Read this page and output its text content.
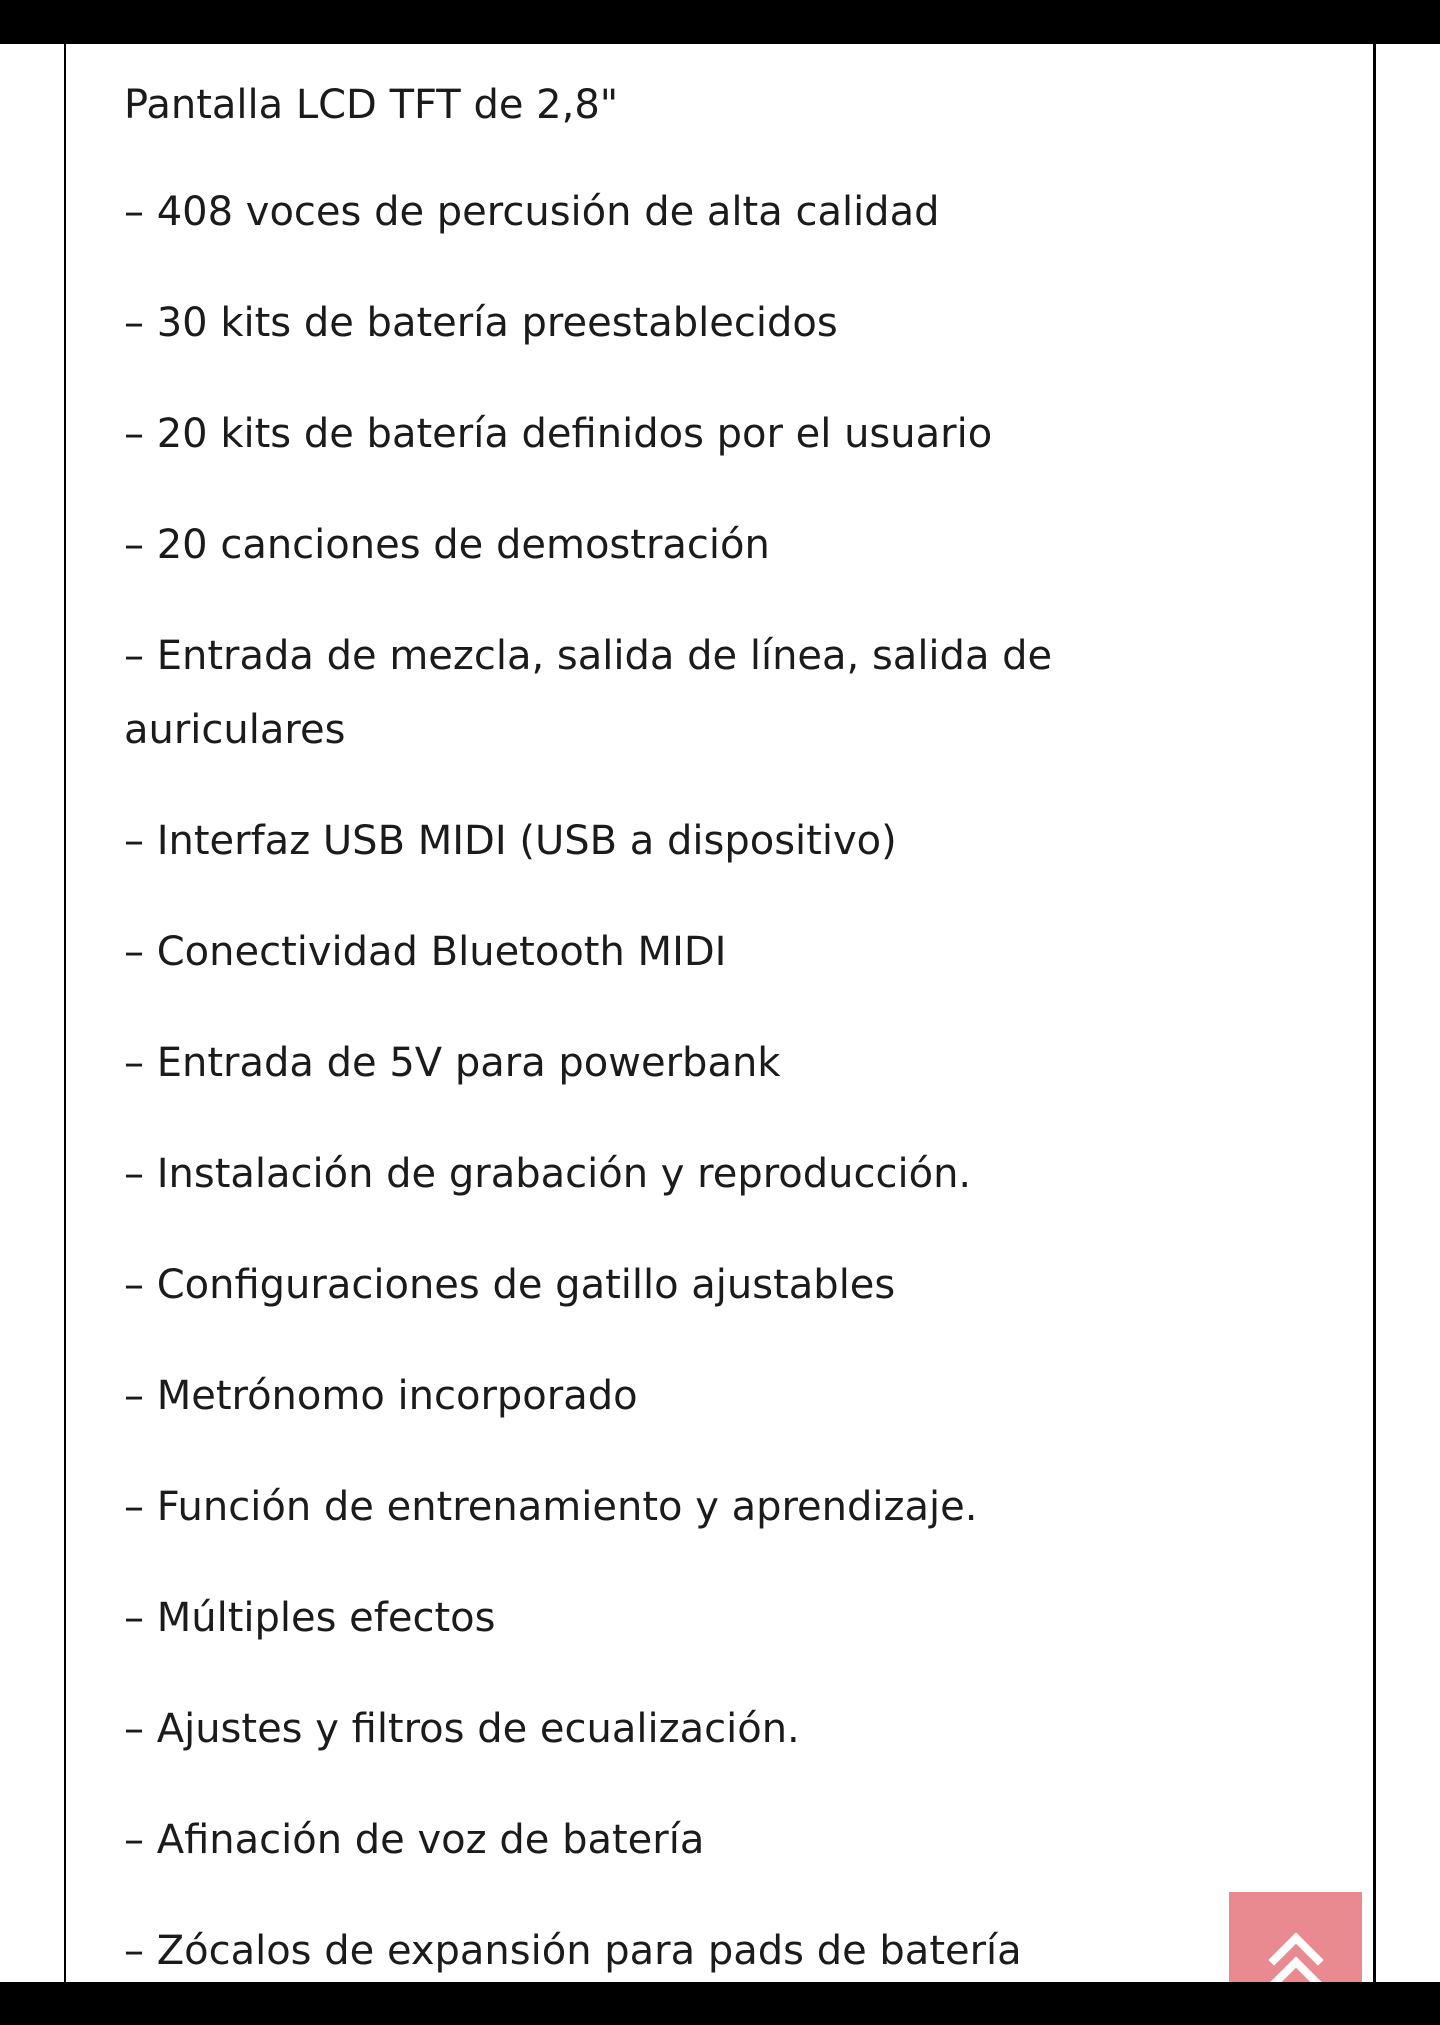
Pantalla LCD TFT de 2,8"
– 408 voces de percusión de alta calidad
– 30 kits de batería preestablecidos
– 20 kits de batería definidos por el usuario
– 20 canciones de demostración
– Entrada de mezcla, salida de línea, salida de auriculares
– Interfaz USB MIDI (USB a dispositivo)
– Conectividad Bluetooth MIDI
– Entrada de 5V para powerbank
– Instalación de grabación y reproducción.
– Configuraciones de gatillo ajustables
– Metrónomo incorporado
– Función de entrenamiento y aprendizaje.
– Múltiples efectos
– Ajustes y filtros de ecualización.
– Afinación de voz de batería
– Zócalos de expansión para pads de batería
